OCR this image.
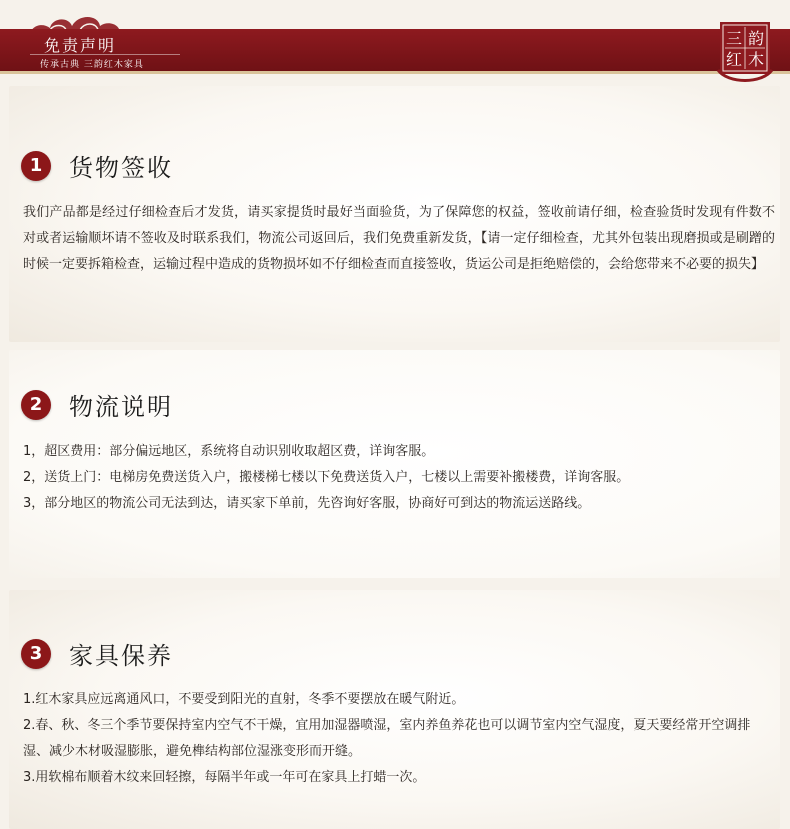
免责声明
传承古典 三韵红木家具
三 韵
红 木
1	货物签收
我们产品都是经过仔细检查后才发货，请买家提货时最好当面验货，为了保障您的权益，签收前请仔细，检查验货时发现有件数不对或者运输顺坏请不签收及时联系我们，物流公司返回后，我们免费重新发货，【请一定仔细检查，尤其外包装出现磨损或是刷蹭的时候一定要拆箱检查，运输过程中造成的货物损坏如不仔细检查而直接签收，货运公司是拒绝赔偿的，会给您带来不必要的损失】
2	物流说明
1，超区费用：部分偏远地区，系统将自动识别收取超区费，详询客服。
2，送货上门：电梯房免费送货入户，搬楼梯七楼以下免费送货入户，七楼以上需要补搬楼费，详询客服。
3，部分地区的物流公司无法到达，请买家下单前，先咨询好客服，协商好可到达的物流运送路线。
3	家具保养
1.红木家具应远离通风口，不要受到阳光的直射，冬季不要摆放在暖气附近。
2.春、秋、冬三个季节要保持室内空气不干燥，宜用加湿器喷湿，室内养鱼养花也可以调节室内空气湿度，夏天要经常开空调排湿、减少木材吸湿膨胀，避免榫结构部位湿涨变形而开缝。
3.用软棉布顺着木纹来回轻擦，每隔半年或一年可在家具上打蜡一次。
